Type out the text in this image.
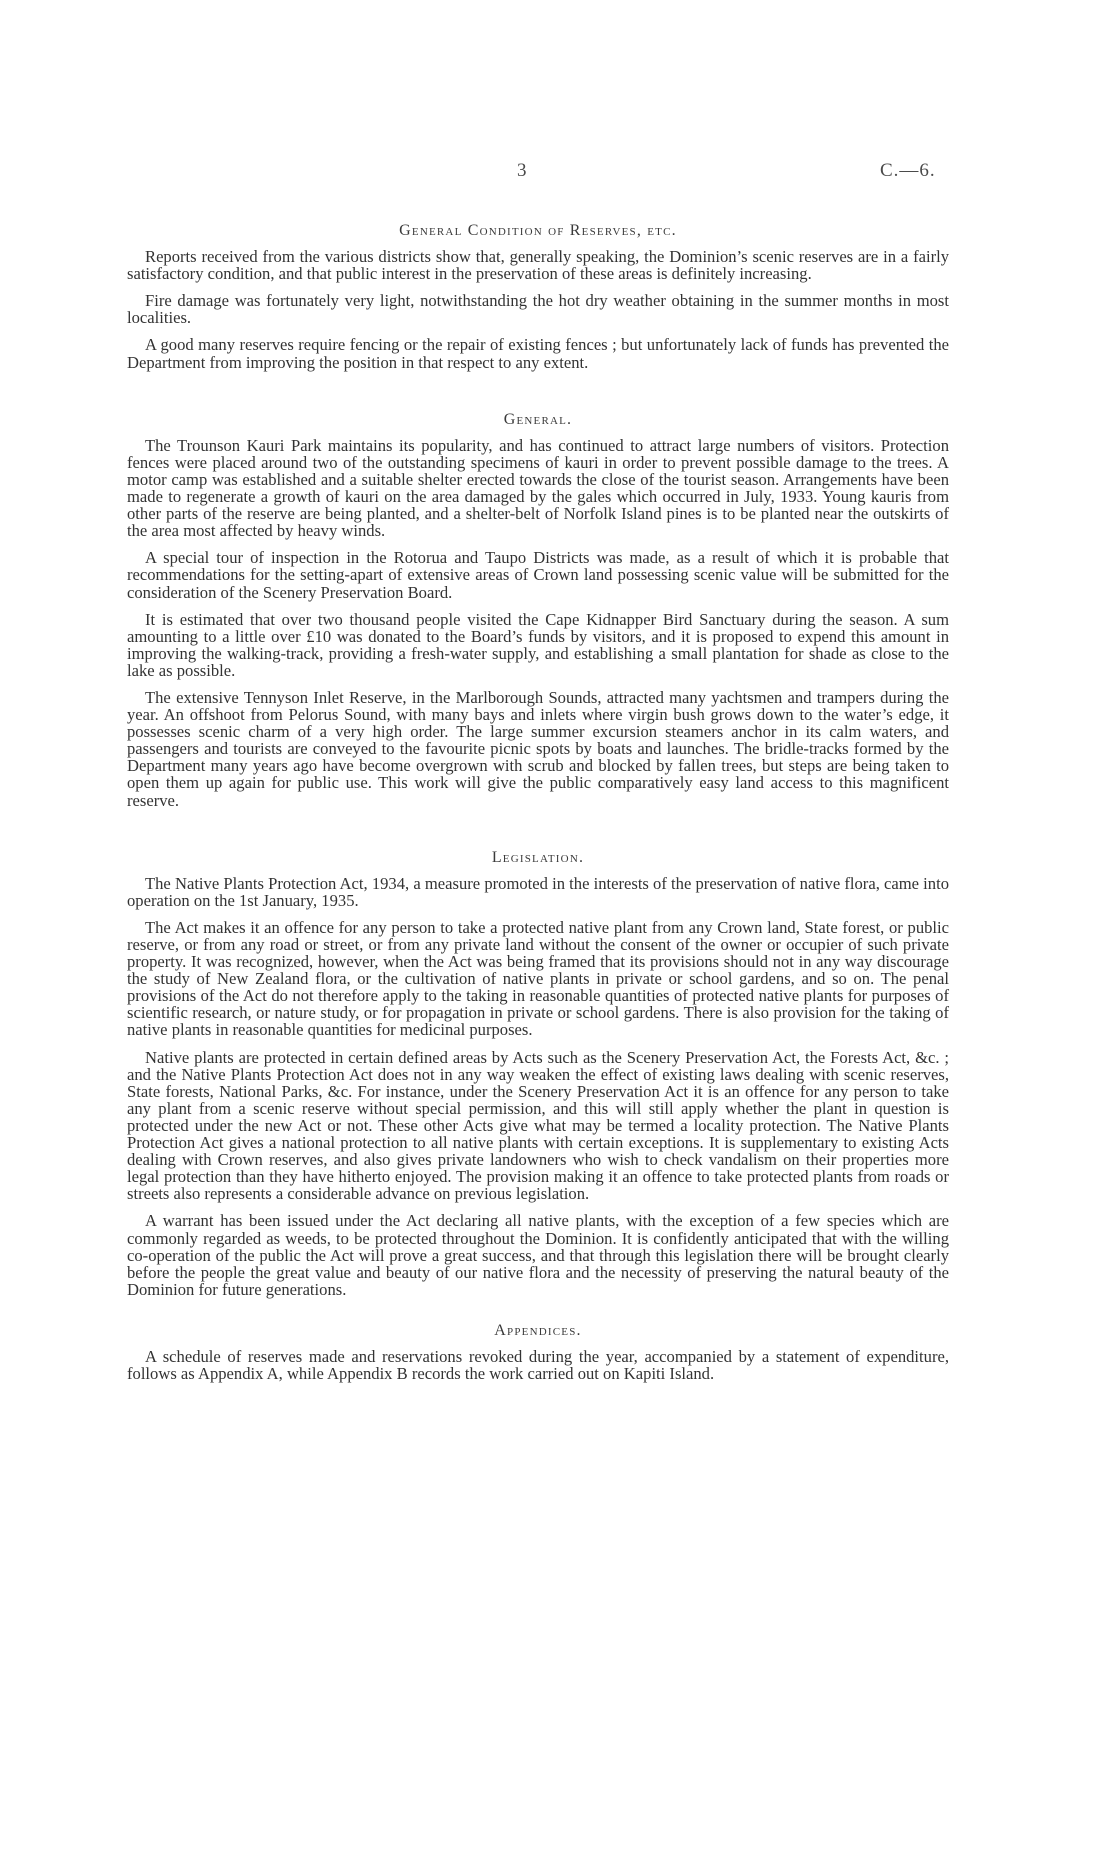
3	C.—6.
General Condition of Reserves, etc.

Reports received from the various districts show that, generally speaking, the Dominion’s scenic reserves are in a fairly satisfactory condition, and that public interest in the preservation of these areas is definitely increasing.

Fire damage was fortunately very light, notwithstanding the hot dry weather obtaining in the summer months in most localities.

A good many reserves require fencing or the repair of existing fences ; but unfortunately lack of funds has prevented the Department from improving the position in that respect to any extent.

General.

The Trounson Kauri Park maintains its popularity, and has continued to attract large numbers of visitors. Protection fences were placed around two of the outstanding specimens of kauri in order to prevent possible damage to the trees. A motor camp was established and a suitable shelter erected towards the close of the tourist season. Arrangements have been made to regenerate a growth of kauri on the area damaged by the gales which occurred in July, 1933. Young kauris from other parts of the reserve are being planted, and a shelter-belt of Norfolk Island pines is to be planted near the outskirts of the area most affected by heavy winds.

A special tour of inspection in the Rotorua and Taupo Districts was made, as a result of which it is probable that recommendations for the setting-apart of extensive areas of Crown land possessing scenic value will be submitted for the consideration of the Scenery Preservation Board.

It is estimated that over two thousand people visited the Cape Kidnapper Bird Sanctuary during the season. A sum amounting to a little over £10 was donated to the Board’s funds by visitors, and it is proposed to expend this amount in improving the walking-track, providing a fresh-water supply, and establishing a small plantation for shade as close to the lake as possible.

The extensive Tennyson Inlet Reserve, in the Marlborough Sounds, attracted many yachtsmen and trampers during the year. An offshoot from Pelorus Sound, with many bays and inlets where virgin bush grows down to the water’s edge, it possesses scenic charm of a very high order. The large summer excursion steamers anchor in its calm waters, and passengers and tourists are conveyed to the favourite picnic spots by boats and launches. The bridle-tracks formed by the Department many years ago have become overgrown with scrub and blocked by fallen trees, but steps are being taken to open them up again for public use. This work will give the public comparatively easy land access to this magnificent reserve.

Legislation.

The Native Plants Protection Act, 1934, a measure promoted in the interests of the preservation of native flora, came into operation on the 1st January, 1935.

The Act makes it an offence for any person to take a protected native plant from any Crown land, State forest, or public reserve, or from any road or street, or from any private land without the consent of the owner or occupier of such private property. It was recognized, however, when the Act was being framed that its provisions should not in any way discourage the study of New Zealand flora, or the cultivation of native plants in private or school gardens, and so on. The penal provisions of the Act do not therefore apply to the taking in reasonable quantities of protected native plants for purposes of scientific research, or nature study, or for propagation in private or school gardens. There is also provision for the taking of native plants in reasonable quantities for medicinal purposes.

Native plants are protected in certain defined areas by Acts such as the Scenery Preservation Act, the Forests Act, &c. ; and the Native Plants Protection Act does not in any way weaken the effect of existing laws dealing with scenic reserves, State forests, National Parks, &c. For instance, under the Scenery Preservation Act it is an offence for any person to take any plant from a scenic reserve without special permission, and this will still apply whether the plant in question is protected under the new Act or not. These other Acts give what may be termed a locality protection. The Native Plants Protection Act gives a national protection to all native plants with certain exceptions. It is supplementary to existing Acts dealing with Crown reserves, and also gives private landowners who wish to check vandalism on their properties more legal protection than they have hitherto enjoyed. The provision making it an offence to take protected plants from roads or streets also represents a considerable advance on previous legislation.

A warrant has been issued under the Act declaring all native plants, with the exception of a few species which are commonly regarded as weeds, to be protected throughout the Dominion. It is confidently anticipated that with the willing co-operation of the public the Act will prove a great success, and that through this legislation there will be brought clearly before the people the great value and beauty of our native flora and the necessity of preserving the natural beauty of the Dominion for future generations.

Appendices.

A schedule of reserves made and reservations revoked during the year, accompanied by a statement of expenditure, follows as Appendix A, while Appendix B records the work carried out on Kapiti Island.
